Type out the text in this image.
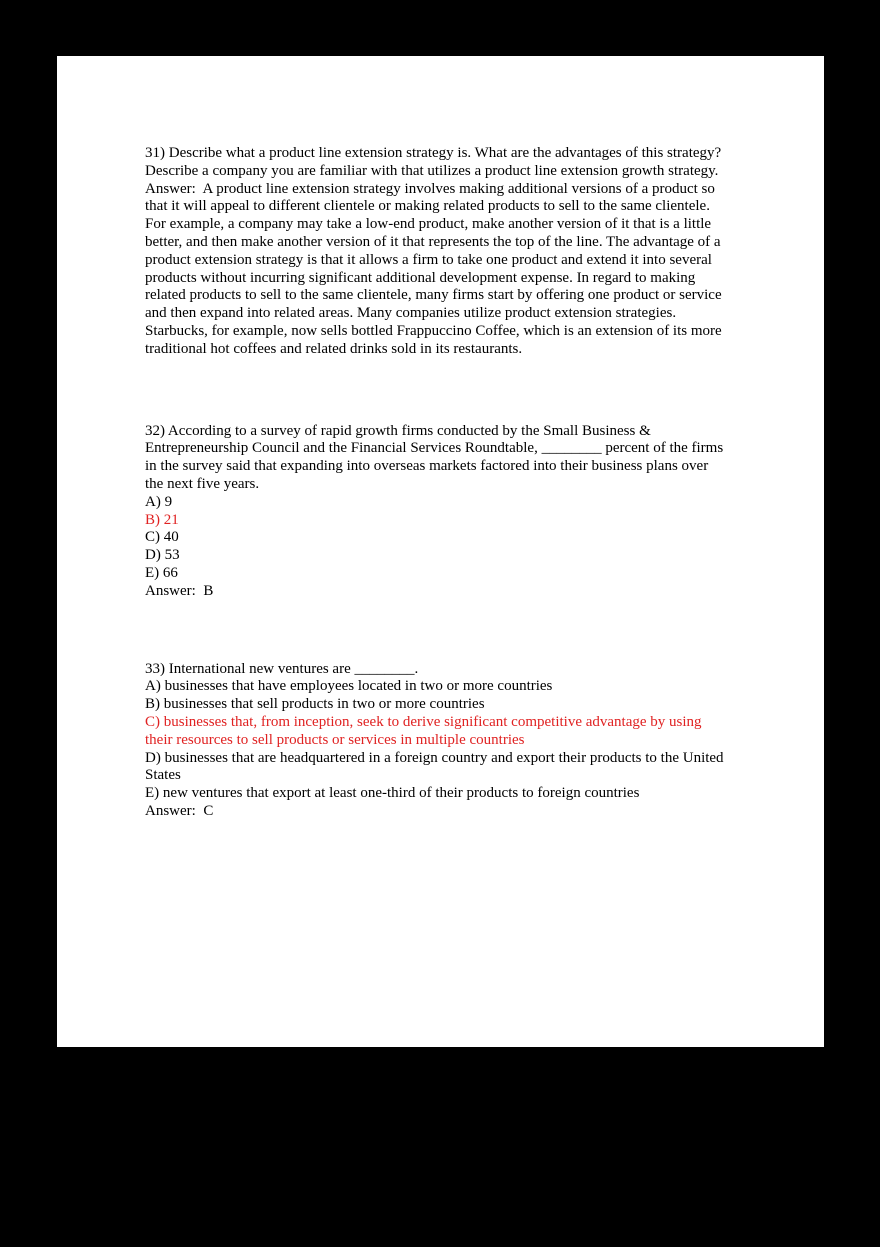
31) Describe what a product line extension strategy is. What are the advantages of this strategy?
Describe a company you are familiar with that utilizes a product line extension growth strategy.
Answer:  A product line extension strategy involves making additional versions of a product so
that it will appeal to different clientele or making related products to sell to the same clientele.
For example, a company may take a low-end product, make another version of it that is a little
better, and then make another version of it that represents the top of the line. The advantage of a
product extension strategy is that it allows a firm to take one product and extend it into several
products without incurring significant additional development expense. In regard to making
related products to sell to the same clientele, many firms start by offering one product or service
and then expand into related areas. Many companies utilize product extension strategies.
Starbucks, for example, now sells bottled Frappuccino Coffee, which is an extension of its more
traditional hot coffees and related drinks sold in its restaurants.
32) According to a survey of rapid growth firms conducted by the Small Business &
Entrepreneurship Council and the Financial Services Roundtable, ________ percent of the firms
in the survey said that expanding into overseas markets factored into their business plans over
the next five years.
A) 9
B) 21
C) 40
D) 53
E) 66
Answer:  B
33) International new ventures are ________.
A) businesses that have employees located in two or more countries
B) businesses that sell products in two or more countries
C) businesses that, from inception, seek to derive significant competitive advantage by using
their resources to sell products or services in multiple countries
D) businesses that are headquartered in a foreign country and export their products to the United
States
E) new ventures that export at least one-third of their products to foreign countries
Answer:  C
